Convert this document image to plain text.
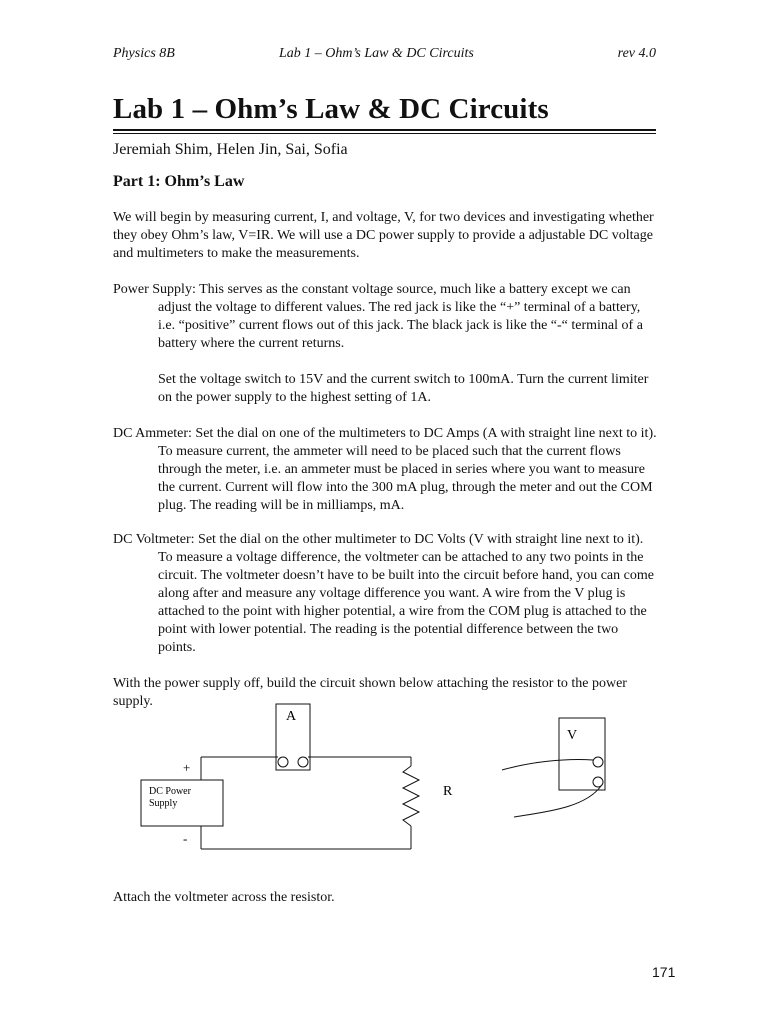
Physics 8B	Lab 1 – Ohm’s Law & DC Circuits	rev 4.0
Lab 1 – Ohm’s Law & DC Circuits
Jeremiah Shim, Helen Jin, Sai, Sofia
Part 1: Ohm’s Law
We will begin by measuring current, I, and voltage, V, for two devices and investigating whether they obey Ohm’s law, V=IR. We will use a DC power supply to provide a adjustable DC voltage and multimeters to make the measurements.
Power Supply: This serves as the constant voltage source, much like a battery except we can adjust the voltage to different values. The red jack is like the “+” terminal of a battery, i.e. “positive” current flows out of this jack. The black jack is like the “-“ terminal of a battery where the current returns.
Set the voltage switch to 15V and the current switch to 100mA. Turn the current limiter on the power supply to the highest setting of 1A.
DC Ammeter: Set the dial on one of the multimeters to DC Amps (A with straight line next to it). To measure current, the ammeter will need to be placed such that the current flows through the meter, i.e. an ammeter must be placed in series where you want to measure the current. Current will flow into the 300 mA plug, through the meter and out the COM plug. The reading will be in milliamps, mA.
DC Voltmeter: Set the dial on the other multimeter to DC Volts (V with straight line next to it). To measure a voltage difference, the voltmeter can be attached to any two points in the circuit. The voltmeter doesn’t have to be built into the circuit before hand, you can come along after and measure any voltage difference you want. A wire from the V plug is attached to the point with higher potential, a wire from the COM plug is attached to the point with lower potential. The reading is the potential difference between the two points.
With the power supply off, build the circuit shown below attaching the resistor to the power supply.
A
DC Power
Supply
+
-
R
V
Attach the voltmeter across the resistor.
171
